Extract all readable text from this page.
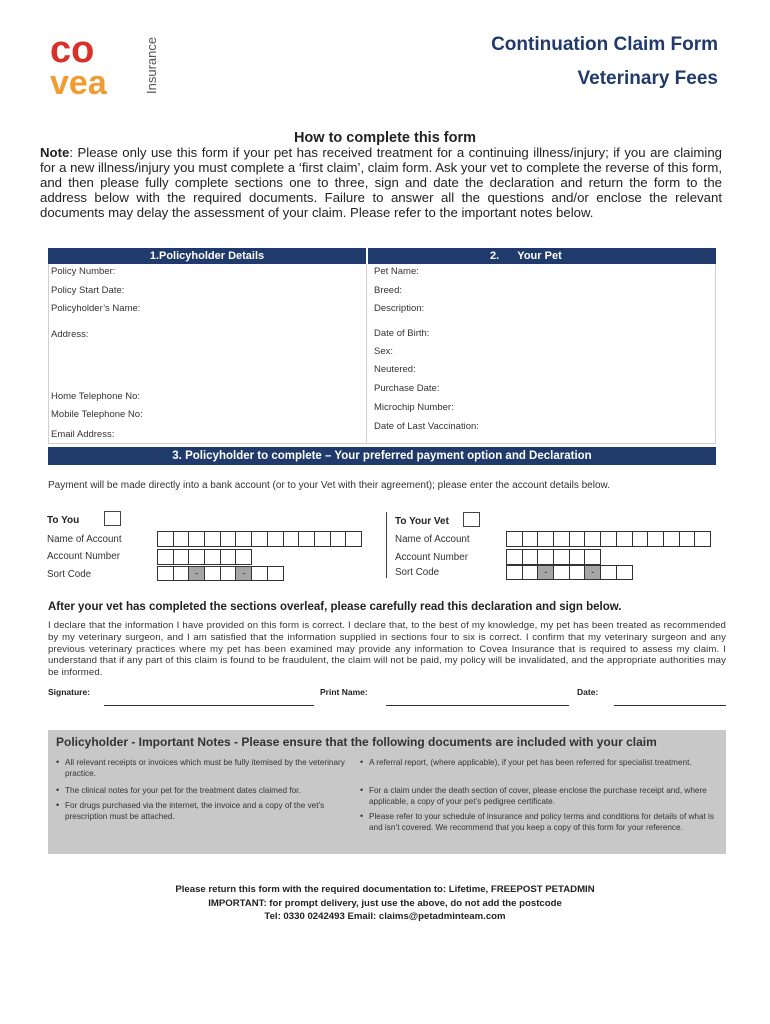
co
vea	Insurance	Continuation Claim Form
Veterinary Fees
How to complete this form
Note: Please only use this form if your pet has received treatment for a continuing illness/injury; if you are claiming for a new illness/injury you must complete a ‘first claim’, claim form. Ask your vet to complete the reverse of this form, and then please fully complete sections one to three, sign and date the declaration and return the form to the address below with the required documents. Failure to answer all the questions and/or enclose the relevant documents may delay the assessment of your claim. Please refer to the important notes below.
1.Policyholder Details	2.      Your Pet
Policy Number:
Policy Start Date:
Policyholder’s Name:
Address:
Home Telephone No:
Mobile Telephone No:
Email Address:
Pet Name:
Breed:
Description:
Date of Birth:
Sex:
Neutered:
Purchase Date:
Microchip Number:
Date of Last Vaccination:
3. Policyholder to complete – Your preferred payment option and Declaration
Payment will be made directly into a bank account (or to your Vet with their agreement); please enter the account details below.
To You
Name of Account
Account Number
Sort Code	-	-
To Your Vet
Name of Account
Account Number
Sort Code	-	-
After your vet has completed the sections overleaf, please carefully read this declaration and sign below.
I declare that the information I have provided on this form is correct. I declare that, to the best of my knowledge, my pet has been treated as recommended by my veterinary surgeon, and I am satisfied that the information supplied in sections four to six is correct. I confirm that my veterinary surgeon and any previous veterinary practices where my pet has been examined may provide any information to Covea Insurance that is required to assess my claim. I understand that if any part of this claim is found to be fraudulent, the claim will not be paid, my policy will be invalidated, and the appropriate authorities may be informed.
Signature:	Print Name:	Date:
Policyholder - Important Notes - Please ensure that the following documents are included with your claim
• All relevant receipts or invoices which must be fully itemised by the veterinary practice.
• The clinical notes for your pet for the treatment dates claimed for.
• For drugs purchased via the internet, the invoice and a copy of the vet’s prescription must be attached.
• A referral report, (where applicable), if your pet has been referred for specialist treatment.
• For a claim under the death section of cover, please enclose the purchase receipt and, where applicable, a copy of your pet’s pedigree certificate.
• Please refer to your schedule of insurance and policy terms and conditions for details of what is and isn’t covered. We recommend that you keep a copy of this form for your reference.
Please return this form with the required documentation to: Lifetime, FREEPOST PETADMIN
IMPORTANT: for prompt delivery, just use the above, do not add the postcode
Tel: 0330 0242493 Email: claims@petadminteam.com
